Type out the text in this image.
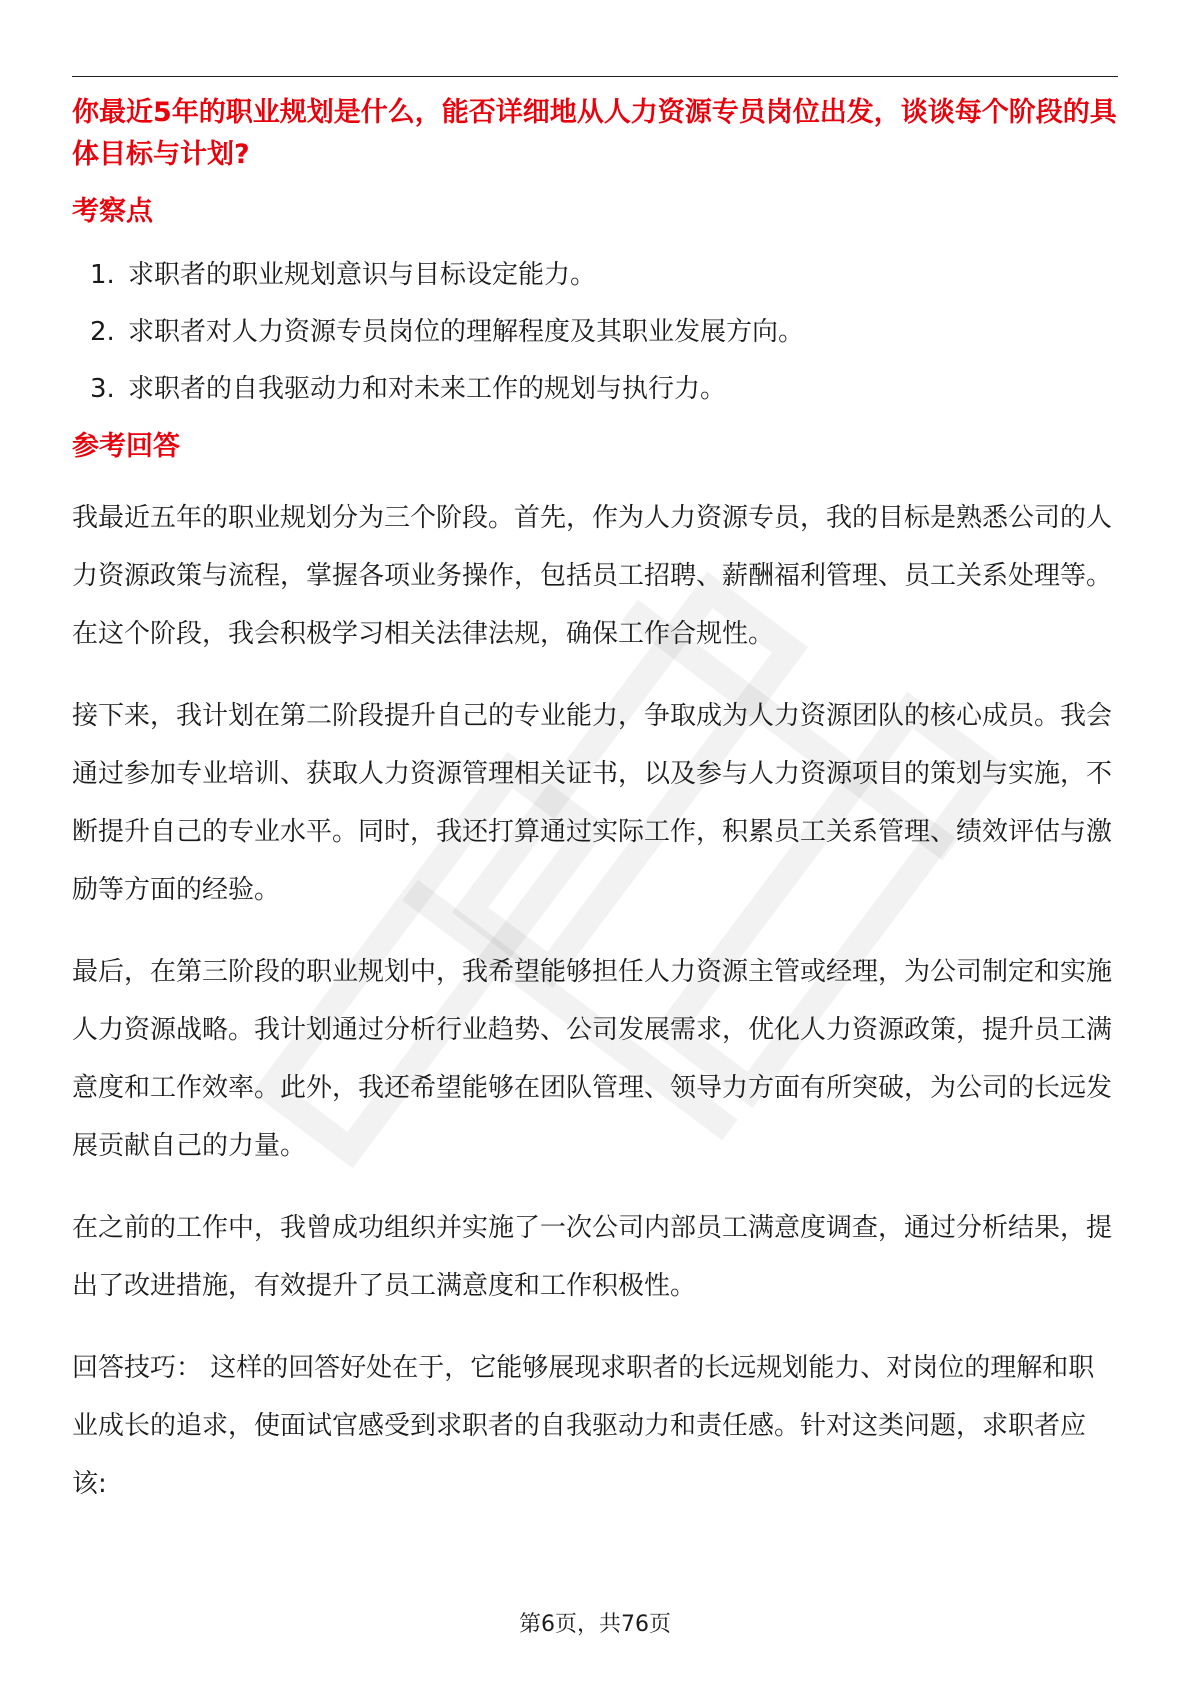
你最近5年的职业规划是什么，能否详细地从人力资源专员岗位出发，谈谈每个阶段的具体目标与计划?

考察点
1. 求职者的职业规划意识与目标设定能力。
2. 求职者对人力资源专员岗位的理解程度及其职业发展方向。
3. 求职者的自我驱动力和对未来工作的规划与执行力。
参考回答

我最近五年的职业规划分为三个阶段。首先，作为人力资源专员，我的目标是熟悉公司的人力资源政策与流程，掌握各项业务操作，包括员工招聘、薪酬福利管理、员工关系处理等。在这个阶段，我会积极学习相关法律法规，确保工作合规性。

接下来，我计划在第二阶段提升自己的专业能力，争取成为人力资源团队的核心成员。我会通过参加专业培训、获取人力资源管理相关证书，以及参与人力资源项目的策划与实施，不断提升自己的专业水平。同时，我还打算通过实际工作，积累员工关系管理、绩效评估与激励等方面的经验。

最后，在第三阶段的职业规划中，我希望能够担任人力资源主管或经理，为公司制定和实施人力资源战略。我计划通过分析行业趋势、公司发展需求，优化人力资源政策，提升员工满意度和工作效率。此外，我还希望能够在团队管理、领导力方面有所突破，为公司的长远发展贡献自己的力量。

在之前的工作中，我曾成功组织并实施了一次公司内部员工满意度调查，通过分析结果，提出了改进措施，有效提升了员工满意度和工作积极性。

回答技巧： 这样的回答好处在于，它能够展现求职者的长远规划能力、对岗位的理解和职业成长的追求，使面试官感受到求职者的自我驱动力和责任感。针对这类问题，求职者应该:

第6页，共76页
